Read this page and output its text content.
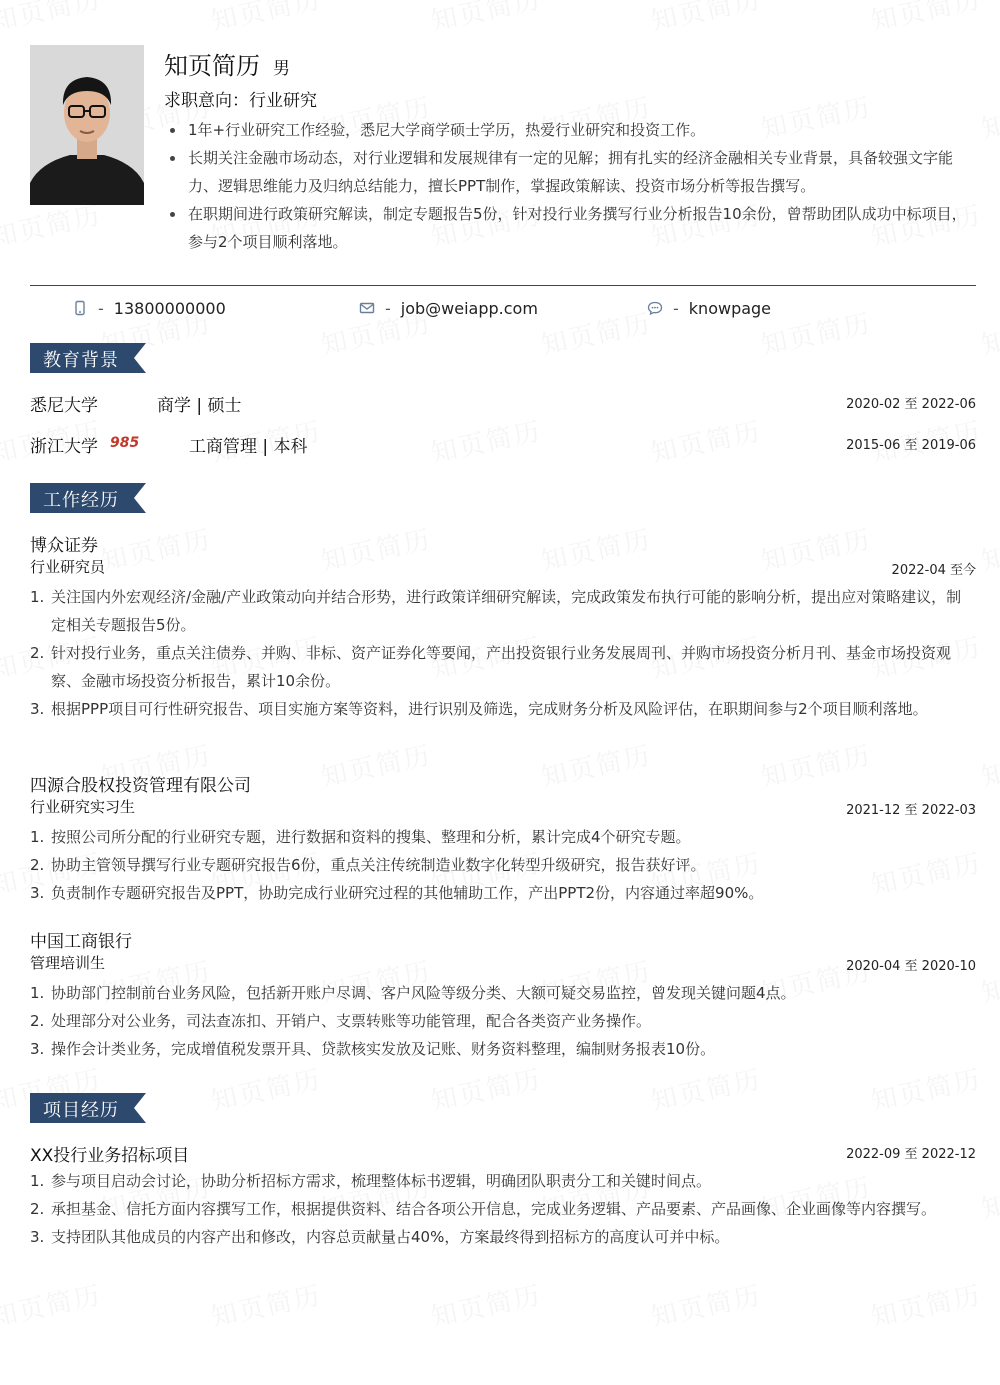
知页简历 男
求职意向：行业研究
1年+行业研究工作经验，悉尼大学商学硕士学历，热爱行业研究和投资工作。
长期关注金融市场动态，对行业逻辑和发展规律有一定的见解；拥有扎实的经济金融相关专业背景，具备较强文字能力、逻辑思维能力及归纳总结能力，擅长PPT制作，掌握政策解读、投资市场分析等报告撰写。
在职期间进行政策研究解读，制定专题报告5份，针对投行业务撰写行业分析报告10余份，曾帮助团队成功中标项目，参与2个项目顺利落地。
- 13800000000	- job@weiapp.com	- knowpage
教育背景
悉尼大学	商学 | 硕士	2020-02 至 2022-06
浙江大学 985	工商管理 | 本科	2015-06 至 2019-06
工作经历
博众证券
行业研究员	2022-04 至今
1. 关注国内外宏观经济/金融/产业政策动向并结合形势，进行政策详细研究解读，完成政策发布执行可能的影响分析，提出应对策略建议，制定相关专题报告5份。
2. 针对投行业务，重点关注债券、并购、非标、资产证券化等要闻，产出投资银行业务发展周刊、并购市场投资分析月刊、基金市场投资观察、金融市场投资分析报告，累计10余份。
3. 根据PPP项目可行性研究报告、项目实施方案等资料，进行识别及筛选，完成财务分析及风险评估，在职期间参与2个项目顺利落地。
四源合股权投资管理有限公司
行业研究实习生	2021-12 至 2022-03
1. 按照公司所分配的行业研究专题，进行数据和资料的搜集、整理和分析，累计完成4个研究专题。
2. 协助主管领导撰写行业专题研究报告6份，重点关注传统制造业数字化转型升级研究，报告获好评。
3. 负责制作专题研究报告及PPT，协助完成行业研究过程的其他辅助工作，产出PPT2份，内容通过率超90%。
中国工商银行
管理培训生	2020-04 至 2020-10
1. 协助部门控制前台业务风险，包括新开账户尽调、客户风险等级分类、大额可疑交易监控，曾发现关键问题4点。
2. 处理部分对公业务，司法查冻扣、开销户、支票转账等功能管理，配合各类资产业务操作。
3. 操作会计类业务，完成增值税发票开具、贷款核实发放及记账、财务资料整理，编制财务报表10份。
项目经历
XX投行业务招标项目	2022-09 至 2022-12
1. 参与项目启动会讨论，协助分析招标方需求，梳理整体标书逻辑，明确团队职责分工和关键时间点。
2. 承担基金、信托方面内容撰写工作，根据提供资料、结合各项公开信息，完成业务逻辑、产品要素、产品画像、企业画像等内容撰写。
3. 支持团队其他成员的内容产出和修改，内容总贡献量占40%，方案最终得到招标方的高度认可并中标。
